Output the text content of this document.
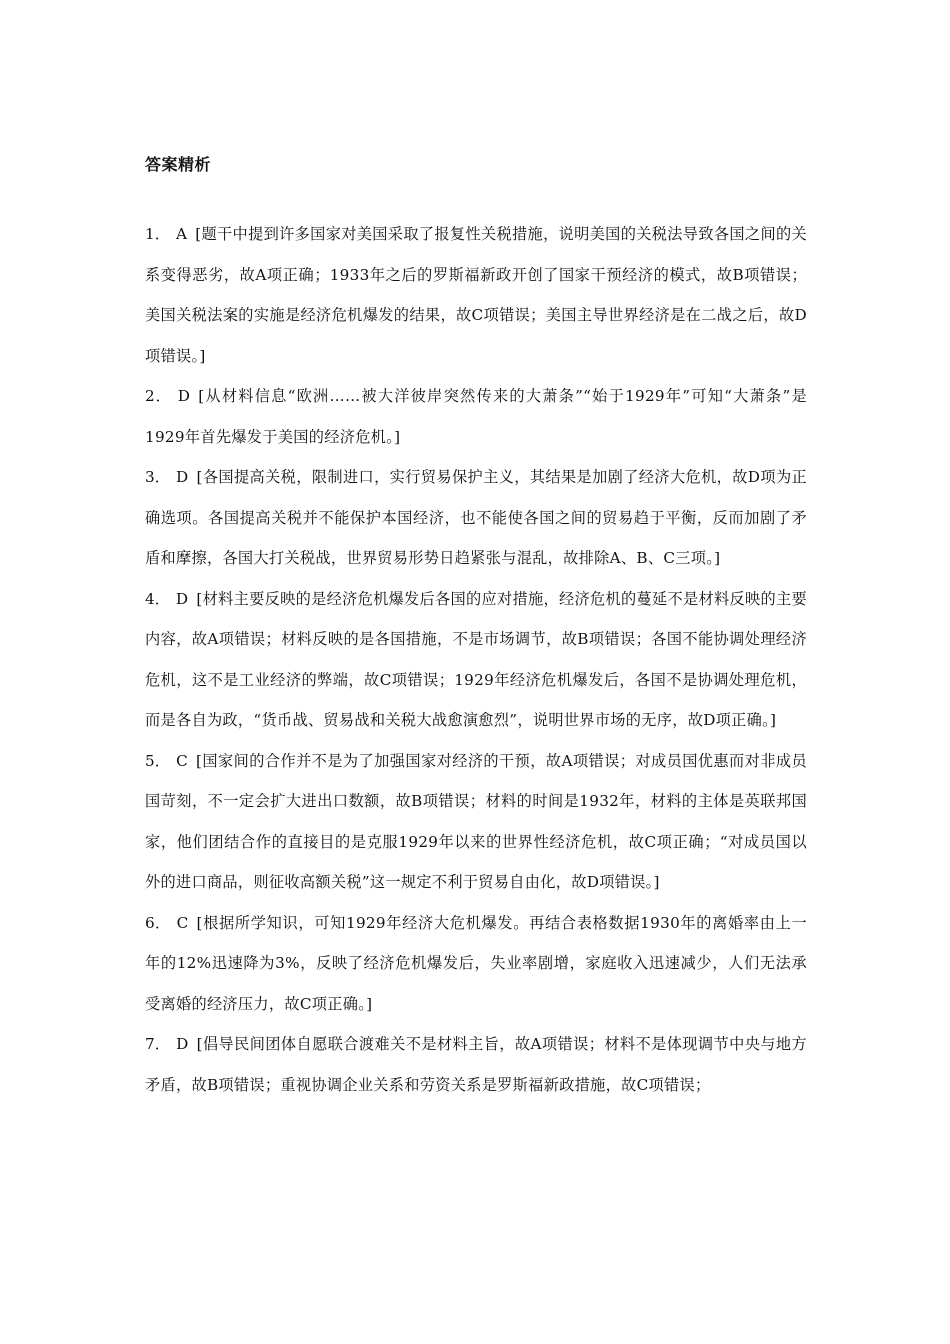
答案精析

1． A [题干中提到许多国家对美国采取了报复性关税措施，说明美国的关税法导致各国之间的关系变得恶劣，故A项正确；1933年之后的罗斯福新政开创了国家干预经济的模式，故B项错误；美国关税法案的实施是经济危机爆发的结果，故C项错误；美国主导世界经济是在二战之后，故D项错误。]

2． D [从材料信息“欧洲……被大洋彼岸突然传来的大萧条”“始于1929年”可知“大萧条”是1929年首先爆发于美国的经济危机。]

3． D [各国提高关税，限制进口，实行贸易保护主义，其结果是加剧了经济大危机，故D项为正确选项。各国提高关税并不能保护本国经济，也不能使各国之间的贸易趋于平衡，反而加剧了矛盾和摩擦，各国大打关税战，世界贸易形势日趋紧张与混乱，故排除A、B、C三项。]

4． D [材料主要反映的是经济危机爆发后各国的应对措施，经济危机的蔓延不是材料反映的主要内容，故A项错误；材料反映的是各国措施，不是市场调节，故B项错误；各国不能协调处理经济危机，这不是工业经济的弊端，故C项错误；1929年经济危机爆发后，各国不是协调处理危机，而是各自为政，“货币战、贸易战和关税大战愈演愈烈”，说明世界市场的无序，故D项正确。]

5． C [国家间的合作并不是为了加强国家对经济的干预，故A项错误；对成员国优惠而对非成员国苛刻，不一定会扩大进出口数额，故B项错误；材料的时间是1932年，材料的主体是英联邦国家，他们团结合作的直接目的是克服1929年以来的世界性经济危机，故C项正确；“对成员国以外的进口商品，则征收高额关税”这一规定不利于贸易自由化，故D项错误。]

6． C [根据所学知识，可知1929年经济大危机爆发。再结合表格数据1930年的离婚率由上一年的12%迅速降为3%，反映了经济危机爆发后，失业率剧增，家庭收入迅速减少，人们无法承受离婚的经济压力，故C项正确。]

7． D [倡导民间团体自愿联合渡难关不是材料主旨，故A项错误；材料不是体现调节中央与地方矛盾，故B项错误；重视协调企业关系和劳资关系是罗斯福新政措施，故C项错误；
